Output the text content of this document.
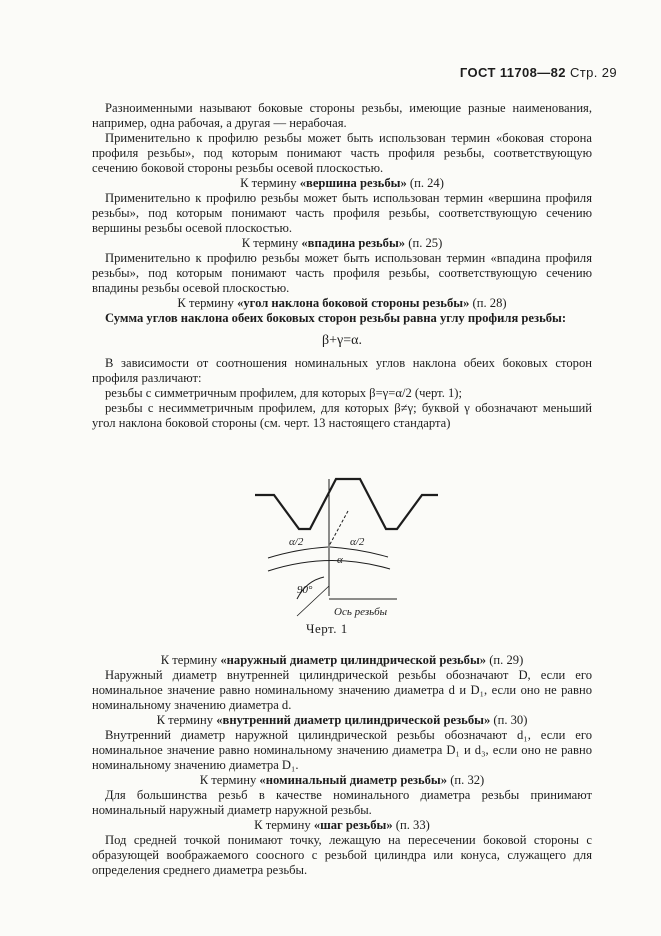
ГОСТ 11708—82 Стр. 29

Разноименными называют боковые стороны резьбы, имеющие разные наименования, например, одна рабочая, а другая — нерабочая.

Применительно к профилю резьбы может быть использован термин «боковая сторона профиля резьбы», под которым понимают часть профиля резьбы, соответствующую сечению боковой стороны резьбы осевой плоскостью.

К термину «вершина резьбы» (п. 24)

Применительно к профилю резьбы может быть использован термин «вершина профиля резьбы», под которым понимают часть профиля резьбы, соответствующую сечению вершины резьбы осевой плоскостью.

К термину «впадина резьбы» (п. 25)

Применительно к профилю резьбы может быть использован термин «впадина профиля резьбы», под которым понимают часть профиля резьбы, соответствующую сечению впадины резьбы осевой плоскостью.

К термину «угол наклона боковой стороны резьбы» (п. 28)

Сумма углов наклона обеих боковых сторон резьбы равна углу профиля резьбы:

β+γ=α.

В зависимости от соотношения номинальных углов наклона обеих боковых сторон профиля различают:

резьбы с симметричным профилем, для которых β=γ=α/2 (черт. 1);

резьбы с несимметричным профилем, для которых β≠γ; буквой γ обозначают меньший угол наклона боковой стороны (см. черт. 13 настоящего стандарта)

α/2	α/2
α
90°
Ось резьбы
Черт. 1

К термину «наружный диаметр цилиндрической резьбы» (п. 29)

Наружный диаметр внутренней цилиндрической резьбы обозначают D, если его номинальное значение равно номинальному значению диаметра d и D₁, если оно не равно номинальному значению диаметра d.

К термину «внутренний диаметр цилиндрической резьбы» (п. 30)

Внутренний диаметр наружной цилиндрической резьбы обозначают d₁, если его номинальное значение равно номинальному значению диаметра D₁ и d₃, если оно не равно номинальному значению диаметра D₁.

К термину «номинальный диаметр резьбы» (п. 32)

Для большинства резьб в качестве номинального диаметра резьбы принимают номинальный наружный диаметр наружной резьбы.

К термину «шаг резьбы» (п. 33)

Под средней точкой понимают точку, лежащую на пересечении боковой стороны с образующей воображаемого соосного с резьбой цилиндра или конуса, служащего для определения среднего диаметра резьбы.
